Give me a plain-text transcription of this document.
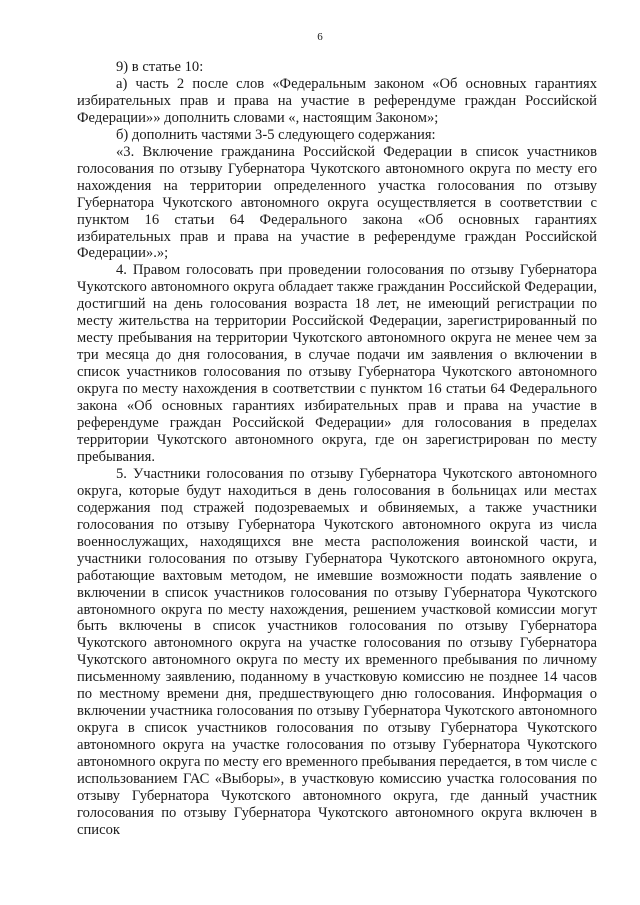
6

9) в статье 10:

а) часть 2 после слов «Федеральным законом «Об основных гарантиях избирательных прав и права на участие в референдуме граждан Российской Федерации»» дополнить словами «, настоящим Законом»;

б) дополнить частями 3-5 следующего содержания:

«3. Включение гражданина Российской Федерации в список участников голосования по отзыву Губернатора Чукотского автономного округа по месту его нахождения на территории определенного участка голосования по отзыву Губернатора Чукотского автономного округа осуществляется в соответствии с пунктом 16 статьи 64 Федерального закона «Об основных гарантиях избирательных прав и права на участие в референдуме граждан Российской Федерации».»;

4. Правом голосовать при проведении голосования по отзыву Губернатора Чукотского автономного округа обладает также гражданин Российской Федерации, достигший на день голосования возраста 18 лет, не имеющий регистрации по месту жительства на территории Российской Федерации, зарегистрированный по месту пребывания на территории Чукотского автономного округа не менее чем за три месяца до дня голосования, в случае подачи им заявления о включении в список участников голосования по отзыву Губернатора Чукотского автономного округа по месту нахождения в соответствии с пунктом 16 статьи 64 Федерального закона «Об основных гарантиях избирательных прав и права на участие в референдуме граждан Российской Федерации» для голосования в пределах территории Чукотского автономного округа, где он зарегистрирован по месту пребывания.

5. Участники голосования по отзыву Губернатора Чукотского автономного округа, которые будут находиться в день голосования в больницах или местах содержания под стражей подозреваемых и обвиняемых, а также участники голосования по отзыву Губернатора Чукотского автономного округа из числа военнослужащих, находящихся вне места расположения воинской части, и участники голосования по отзыву Губернатора Чукотского автономного округа, работающие вахтовым методом, не имевшие возможности подать заявление о включении в список участников голосования по отзыву Губернатора Чукотского автономного округа по месту нахождения, решением участковой комиссии могут быть включены в список участников голосования по отзыву Губернатора Чукотского автономного округа на участке голосования по отзыву Губернатора Чукотского автономного округа по месту их временного пребывания по личному письменному заявлению, поданному в участковую комиссию не позднее 14 часов по местному времени дня, предшествующего дню голосования. Информация о включении участника голосования по отзыву Губернатора Чукотского автономного округа в список участников голосования по отзыву Губернатора Чукотского автономного округа на участке голосования по отзыву Губернатора Чукотского автономного округа по месту его временного пребывания передается, в том числе с использованием ГАС «Выборы», в участковую комиссию участка голосования по отзыву Губернатора Чукотского автономного округа, где данный участник голосования по отзыву Губернатора Чукотского автономного округа включен в список
